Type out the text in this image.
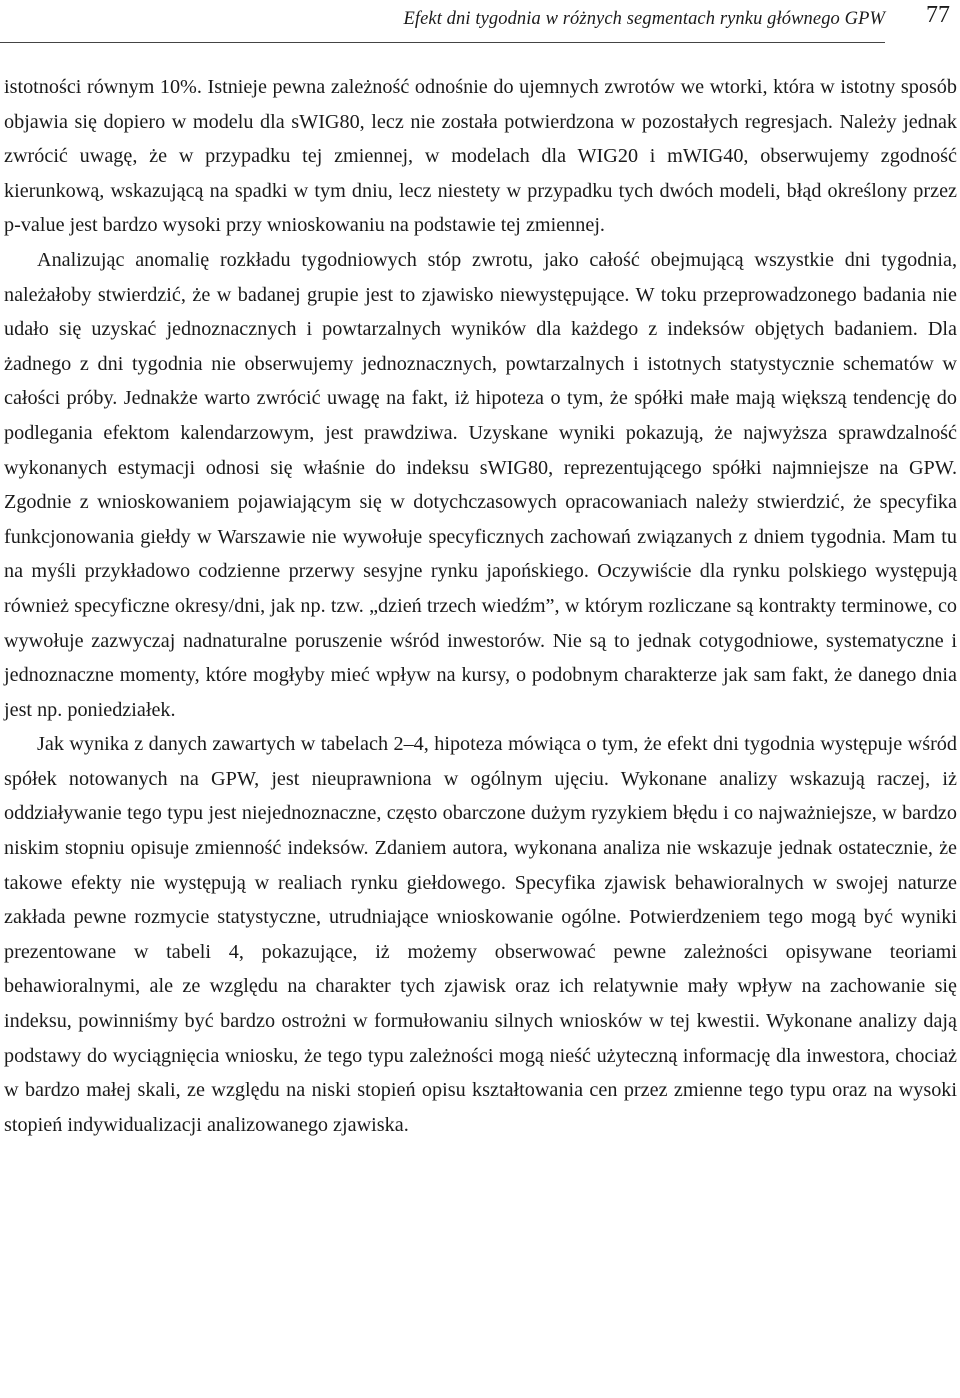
Efekt dni tygodnia w różnych segmentach rynku głównego GPW 77

istotności równym 10%. Istnieje pewna zależność odnośnie do ujemnych zwrotów we wtorki, która w istotny sposób objawia się dopiero w modelu dla sWIG80, lecz nie została potwierdzona w pozostałych regresjach. Należy jednak zwrócić uwagę, że w przypadku tej zmiennej, w modelach dla WIG20 i mWIG40, obserwujemy zgodność kierunkową, wskazującą na spadki w tym dniu, lecz niestety w przypadku tych dwóch modeli, błąd określony przez p-value jest bardzo wysoki przy wnioskowaniu na podstawie tej zmiennej.

Analizując anomalię rozkładu tygodniowych stóp zwrotu, jako całość obejmującą wszystkie dni tygodnia, należałoby stwierdzić, że w badanej grupie jest to zjawisko niewystępujące. W toku przeprowadzonego badania nie udało się uzyskać jednoznacznych i powtarzalnych wyników dla każdego z indeksów objętych badaniem. Dla żadnego z dni tygodnia nie obserwujemy jednoznacznych, powtarzalnych i istotnych statystycznie schematów w całości próby. Jednakże warto zwrócić uwagę na fakt, iż hipoteza o tym, że spółki małe mają większą tendencję do podlegania efektom kalendarzowym, jest prawdziwa. Uzyskane wyniki pokazują, że najwyższa sprawdzalność wykonanych estymacji odnosi się właśnie do indeksu sWIG80, reprezentującego spółki najmniejsze na GPW. Zgodnie z wnioskowaniem pojawiającym się w dotychczasowych opracowaniach należy stwierdzić, że specyfika funkcjonowania giełdy w Warszawie nie wywołuje specyficznych zachowań związanych z dniem tygodnia. Mam tu na myśli przykładowo codzienne przerwy sesyjne rynku japońskiego. Oczywiście dla rynku polskiego występują również specyficzne okresy/dni, jak np. tzw. „dzień trzech wiedźm”, w którym rozliczane są kontrakty terminowe, co wywołuje zazwyczaj nadnaturalne poruszenie wśród inwestorów. Nie są to jednak cotygodniowe, systematyczne i jednoznaczne momenty, które mogłyby mieć wpływ na kursy, o podobnym charakterze jak sam fakt, że danego dnia jest np. poniedziałek.

Jak wynika z danych zawartych w tabelach 2–4, hipoteza mówiąca o tym, że efekt dni tygodnia występuje wśród spółek notowanych na GPW, jest nieuprawniona w ogólnym ujęciu. Wykonane analizy wskazują raczej, iż oddziaływanie tego typu jest niejednoznaczne, często obarczone dużym ryzykiem błędu i co najważniejsze, w bardzo niskim stopniu opisuje zmienność indeksów. Zdaniem autora, wykonana analiza nie wskazuje jednak ostatecznie, że takowe efekty nie występują w realiach rynku giełdowego. Specyfika zjawisk behawioralnych w swojej naturze zakłada pewne rozmycie statystyczne, utrudniające wnioskowanie ogólne. Potwierdzeniem tego mogą być wyniki prezentowane w tabeli 4, pokazujące, iż możemy obserwować pewne zależności opisywane teoriami behawioralnymi, ale ze względu na charakter tych zjawisk oraz ich relatywnie mały wpływ na zachowanie się indeksu, powinniśmy być bardzo ostrożni w formułowaniu silnych wniosków w tej kwestii. Wykonane analizy dają podstawy do wyciągnięcia wniosku, że tego typu zależności mogą nieść użyteczną informację dla inwestora, chociaż w bardzo małej skali, ze względu na niski stopień opisu kształtowania cen przez zmienne tego typu oraz na wysoki stopień indywidualizacji analizowanego zjawiska.
